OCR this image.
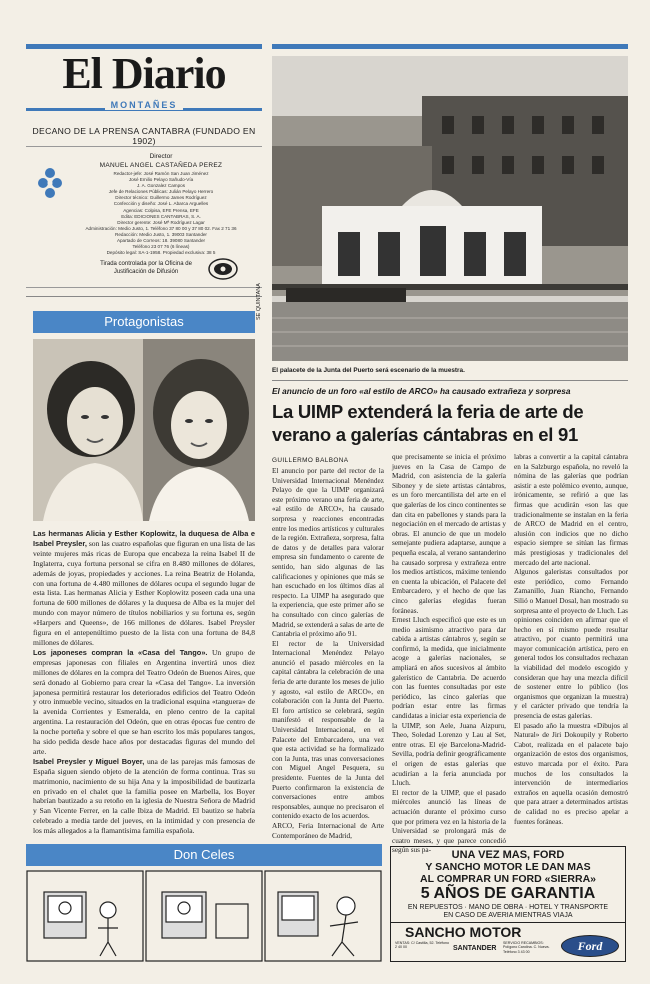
El Diario
MONTAÑES
DECANO DE LA PRENSA CANTABRA (FUNDADO EN 1902)
Director
MANUEL ANGEL CASTAÑEDA PEREZ
Redactor-jefe: José Ramón San Juan Jiménez
José Emilio Pelayo Sañudo-Vía
J. A. Gonzalez Campos
Jefe de Relaciones Públicas: Julián Pelayo Herrero
Director técnico: Guillermo James Rodríguez
Confección y diseño: José L. Abarca Arguelles
Agencias: Colpisa, EFE Prensa, EFE
Edita: EDICIONES CANTABRAS, S. A.
Director gerente: José Mª Rodríguez Lagar
Administración: Medio Justo, 1. Teléfono 37 80 00 y 37 80 02. Fax 2 71 36
Redacción: Medio Justo, 1. 39003 Santander
Apartado de Correos: 18. 39080 Santander
Teléfono 23 07 76 (6 líneas)
Depósito legal: SA-1-1958. Propiedad exclusiva: 38 5
Tirada controlada por la Oficina de Justificación de Difusión
Protagonistas

Las hermanas Alicia y Esther Koplowitz, la duquesa de Alba e Isabel Preysler, son las cuatro españolas que figuran en una lista de las veinte mujeres más ricas de Europa que encabeza la reina Isabel II de Inglaterra, cuya fortuna personal se cifra en 8.480 millones de dólares, además de joyas, propiedades y acciones. La reina Beatriz de Holanda, con una fortuna de 4.480 millones de dólares ocupa el segundo lugar de esta lista. Las hermanas Alicia y Esther Koplowitz poseen cada una una fortuna de 600 millones de dólares y la duquesa de Alba es la mujer del mundo con mayor número de títulos nobiliarios y su fortuna es, según «Harpers and Queens», de 166 millones de dólares. Isabel Preysler figura en el antepenúltimo puesto de la lista con una fortuna de 84,8 millones de dólares.

Los japoneses compran la «Casa del Tango». Un grupo de empresas japonesas con filiales en Argentina invertirá unos diez millones de dólares en la compra del Teatro Odeón de Buenos Aires, que será donado al Gobierno para crear la «Casa del Tango». La inversión japonesa permitirá restaurar los deteriorados edificios del Teatro Odeón y otro inmueble vecino, situados en la tradicional esquina «tanguera» de la avenida Corrientes y Esmeralda, en pleno centro de la capital argentina. La restauración del Odeón, que en otras épocas fue centro de la noche porteña y sobre el que se han escrito los más populares tangos, ha sido pedida desde hace años por destacadas figuras del mundo del arte.

Isabel Preysler y Miguel Boyer, una de las parejas más famosas de España siguen siendo objeto de la atención de forma continua. Tras su matrimonio, nacimiento de su hija Ana y la imposibilidad de bautizarla en privado en el chalet que la familia posee en Marbella, los Boyer habrían bautizado a su retoño en la iglesia de Nuestra Señora de Madrid y San Vicente Ferrer, en la calle Ibiza de Madrid. El bautizo se habría celebrado a media tarde del jueves, en la intimidad y con presencia de los más allegados a la flamantísima familia española.

Don Celes
SE QUINTANA
El palacete de la Junta del Puerto será escenario de la muestra.
El anuncio de un foro «al estilo de ARCO» ha causado extrañeza y sorpresa
La UIMP extenderá la feria de arte de verano a galerías cántabras en el 91
GUILLERMO BALBONA
El anuncio por parte del rector de la Universidad Internacional Menéndez Pelayo de que la UIMP organizará este próximo verano una feria de arte, «al estilo de ARCO», ha causado sorpresa y reacciones encontradas entre los medios artísticos y culturales de la región. Extrañeza, sorpresa, falta de datos y de detalles para valorar empresa sin fundamento o carente de sentido, han sido algunas de las calificaciones y opiniones que más se han escuchado en los últimos días al respecto. La UIMP ha asegurado que la experiencia, que este primer año se ha consultado con cinco galerías de Madrid, se extenderá a salas de arte de Cantabria el próximo año 91.
El rector de la Universidad Internacional Menéndez Pelayo anunció el pasado miércoles en la capital cántabra la celebración de una feria de arte durante los meses de julio y agosto, «al estilo de ARCO», en colaboración con la Junta del Puerto. El foro artístico se celebrará, según manifestó el responsable de la Universidad Internacional, en el Palacete del Embarcadero, una vez que esta actividad se ha formalizado con la Junta, tras unas conversaciones con Miguel Angel Pesquera, su presidente. Fuentes de la Junta del Puerto confirmaron la existencia de conversaciones entre ambos responsables, aunque no precisaron el contenido exacto de los acuerdos.
ARCO, Feria Internacional de Arte Contemporáneo de Madrid,
que precisamente se inicia el próximo jueves en la Casa de Campo de Madrid, con asistencia de la galería Siboney y de siete artistas cántabros, es un foro mercantilista del arte en el que galerías de los cinco continentes se dan cita en pabellones y stands para la negociación en el mercado de artistas y obras. El anuncio de que un modelo semejante pudiera adaptarse, aunque a pequeña escala, al verano santanderino ha causado sorpresa y extrañeza entre los medios artísticos, máxime teniendo en cuenta la ubicación, el Palacete del Embarcadero, y el hecho de que las cinco galerías elegidas fueran foráneas.
Ernest Lluch especificó que este es un medio asimismo atractivo para dar cabida a artistas cántabros y, según se confirmó, la medida, que inicialmente acoge a galerías nacionales, se ampliará en años sucesivos al ámbito galerístico de Cantabria. De acuerdo con las fuentes consultadas por este periódico, las cinco galerías que podrían estar entre las firmas candidatas a iniciar esta experiencia de la UIMP, son Aele, Juana Aizpuru, Theo, Soledad Lorenzo y Lau al Set, entre otras. El eje Barcelona-Madrid-Sevilla, podría definir geográficamente el origen de estas galerías que acudirían a la feria anunciada por Lluch.
El rector de la UIMP, que el pasado miércoles anunció las líneas de actuación durante el próximo curso que por primera vez en la historia de la Universidad se prolongará más de cuatro meses, y que parece concedió según sus pa-
labras a convertir a la capital cántabra en la Salzburgo española, no reveló la nómina de las galerías que podrían asistir a este polémico evento, aunque, irónicamente, se refirió a que las firmas que acudirán «son las que tradicionalmente se instalan en la feria de ARCO de Madrid en el centro, alusión con indicios que no dicho espacio siempre se sitúan las firmas más prestigiosas y tradicionales del mercado del arte nacional.
Algunos galeristas consultados por este periódico, como Fernando Zamanillo, Juan Riancho, Fernando Silió o Manuel Dosal, han mostrado su sorpresa ante el proyecto de Lluch. Las opiniones coinciden en afirmar que el hecho en sí mismo puede resultar atractivo, por cuanto permitirá una mayor comunicación artística, pero en general todos los consultados rechazan la viabilidad del modelo escogido y consideran que hay una mezcla difícil de sostener entre lo público (los organismos que organizan la muestra) y el carácter privado que tendría la presencia de estas galerías.
El pasado año la muestra «Dibujos al Natural» de Jiri Dokoupily y Roberto Cabot, realizada en el palacete bajo organización de estos dos organismos, estuvo marcada por el éxito. Para muchos de los consultados la intervención de intermediarios extraños en aquella ocasión demostró que para atraer a determinados artistas de calidad no es preciso apelar a fuentes foráneas.
UNA VEZ MAS, FORD
Y SANCHO MOTOR LE DAN MAS
AL COMPRAR UN FORD «SIERRA»
5 AÑOS DE GARANTIA
EN REPUESTOS · MANO DE OBRA · HOTEL Y TRANSPORTE
EN CASO DE AVERIA MIENTRAS VIAJA
SANCHO MOTOR
VENTAS: C/ Castilla, 52. Teléfono 2 40 00	SANTANDER
SERVICIO RECAMBIOS: Polígono Candina. C. Nueva. Teléfono 3 43 00	Ford
